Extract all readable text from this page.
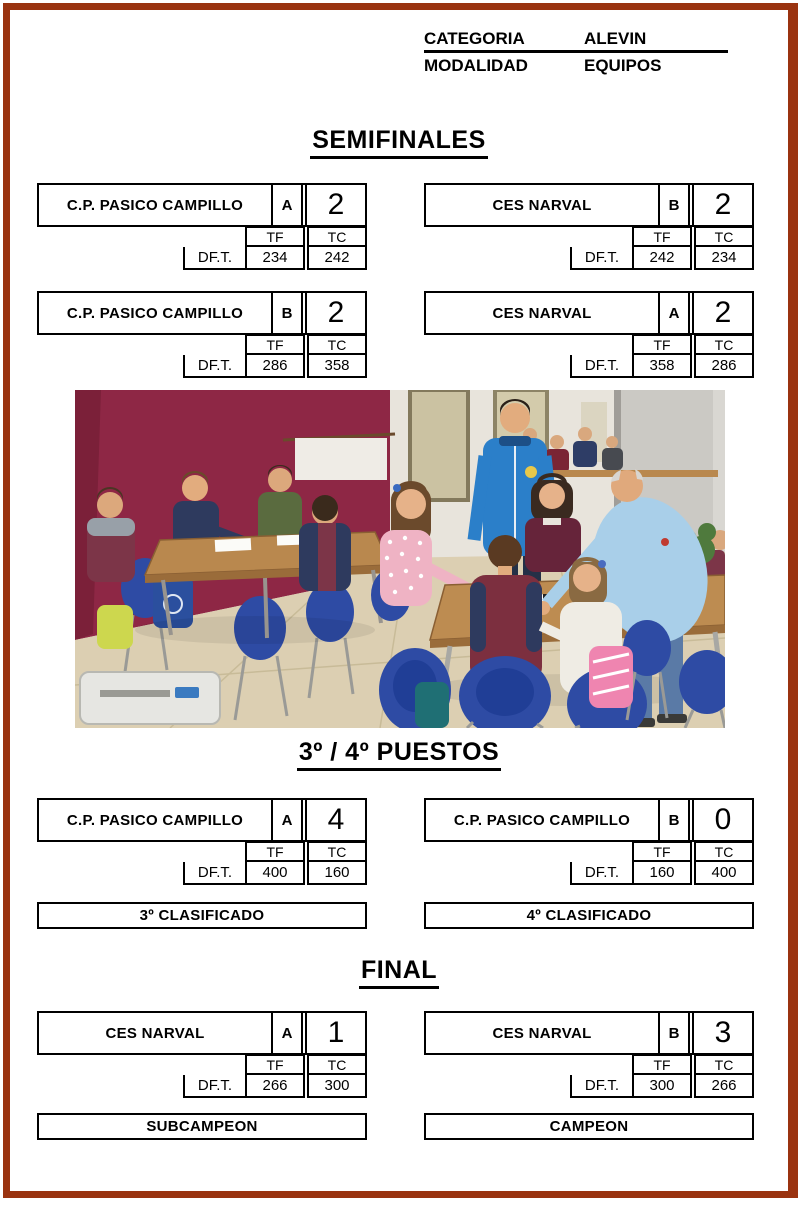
CATEGORIA	ALEVIN
MODALIDAD	EQUIPOS
SEMIFINALES
C.P. PASICO CAMPILLO	A	2
TF	TC
DF.T.	234	242
CES NARVAL	B	2
TF	TC
DF.T.	242	234
C.P. PASICO CAMPILLO	B	2
TF	TC
DF.T.	286	358
CES NARVAL	A	2
TF	TC
DF.T.	358	286
3º / 4º PUESTOS
C.P. PASICO CAMPILLO	A	4
TF	TC
DF.T.	400	160
C.P. PASICO CAMPILLO	B	0
TF	TC
DF.T.	160	400
3º CLASIFICADO	4º CLASIFICADO
FINAL
CES NARVAL	A	1
TF	TC
DF.T.	266	300
CES NARVAL	B	3
TF	TC
DF.T.	300	266
SUBCAMPEON	CAMPEON
